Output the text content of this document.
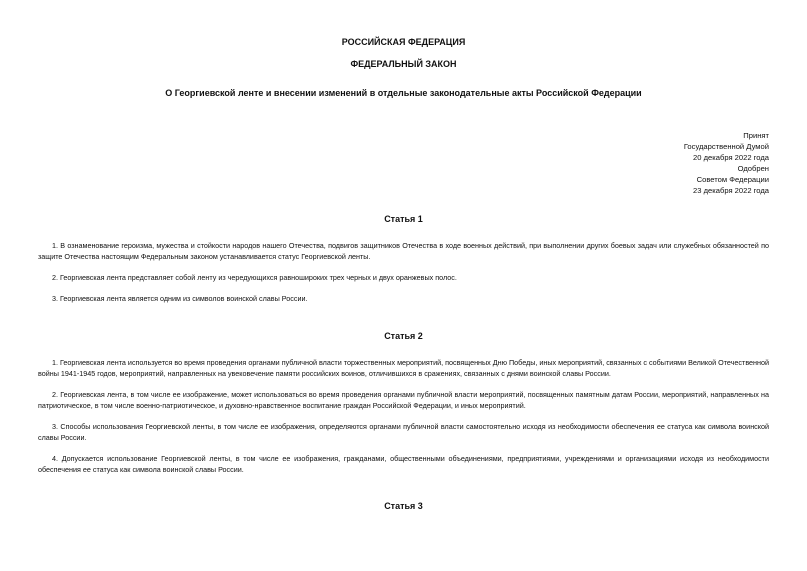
РОССИЙСКАЯ ФЕДЕРАЦИЯ

ФЕДЕРАЛЬНЫЙ ЗАКОН

О Георгиевской ленте и внесении изменений в отдельные законодательные акты Российской Федерации

Принят
Государственной Думой
20 декабря 2022 года
Одобрен
Советом Федерации
23 декабря 2022 года

Статья 1

1. В ознаменование героизма, мужества и стойкости народов нашего Отечества, подвигов защитников Отечества в ходе военных действий, при выполнении других боевых задач или служебных обязанностей по защите Отечества настоящим Федеральным законом устанавливается статус Георгиевской ленты.

2. Георгиевская лента представляет собой ленту из чередующихся равношироких трех черных и двух оранжевых полос.

3. Георгиевская лента является одним из символов воинской славы России.

Статья 2

1. Георгиевская лента используется во время проведения органами публичной власти торжественных мероприятий, посвященных Дню Победы, иных мероприятий, связанных с событиями Великой Отечественной войны 1941-1945 годов, мероприятий, направленных на увековечение памяти российских воинов, отличившихся в сражениях, связанных с днями воинской славы России.

2. Георгиевская лента, в том числе ее изображение, может использоваться во время проведения органами публичной власти мероприятий, посвященных памятным датам России, мероприятий, направленных на патриотическое, в том числе военно-патриотическое, и духовно-нравственное воспитание граждан Российской Федерации, и иных мероприятий.

3. Способы использования Георгиевской ленты, в том числе ее изображения, определяются органами публичной власти самостоятельно исходя из необходимости обеспечения ее статуса как символа воинской славы России.

4. Допускается использование Георгиевской ленты, в том числе ее изображения, гражданами, общественными объединениями, предприятиями, учреждениями и организациями исходя из необходимости обеспечения ее статуса как символа воинской славы России.

Статья 3
